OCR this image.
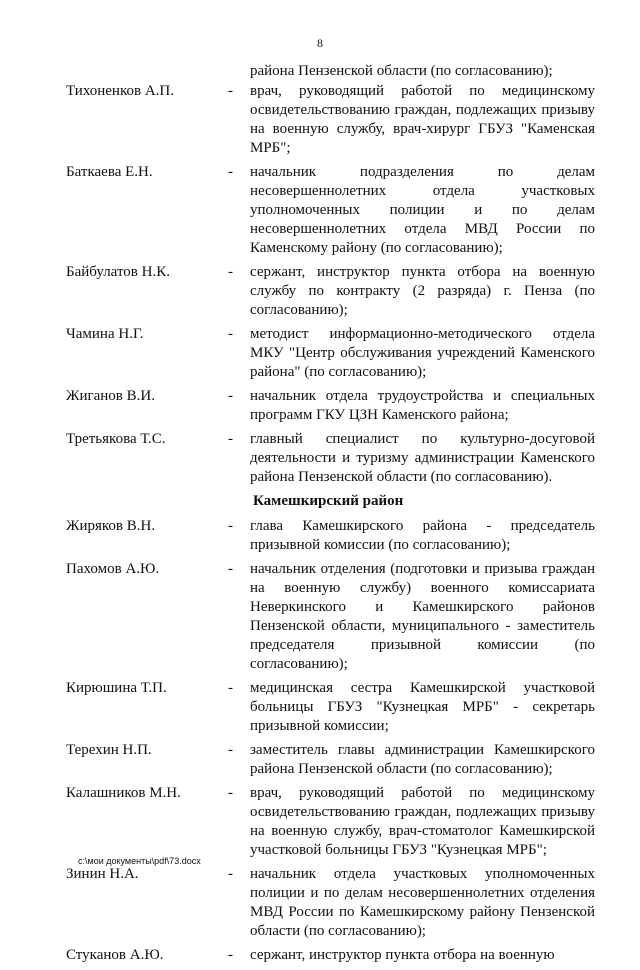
8
района Пензенской области (по согласованию);
Тихоненков А.П.	- врач, руководящий работой по медицинскому освидетельствованию граждан, подлежащих призыву на военную службу, врач-хирург ГБУЗ "Каменская МРБ";
Баткаева Е.Н.	- начальник подразделения по делам несовершеннолетних отдела участковых уполномоченных полиции и по делам несовершеннолетних отдела МВД России по Каменскому району (по согласованию);
Байбулатов Н.К.	- сержант, инструктор пункта отбора на военную службу по контракту (2 разряда) г. Пенза (по согласованию);
Чамина Н.Г.	- методист информационно-методического отдела МКУ "Центр обслуживания учреждений Каменского района" (по согласованию);
Жиганов В.И.	- начальник отдела трудоустройства и специальных программ ГКУ ЦЗН Каменского района;
Третьякова Т.С.	- главный специалист по культурно-досуговой деятельности и туризму администрации Каменского района Пензенской области (по согласованию).
Камешкирский район
Жиряков В.Н.	- глава Камешкирского района - председатель призывной комиссии (по согласованию);
Пахомов А.Ю.	- начальник отделения (подготовки и призыва граждан на военную службу) военного комиссариата Неверкинского и Камешкирского районов Пензенской области, муниципального - заместитель председателя призывной комиссии (по согласованию);
Кирюшина Т.П.	- медицинская сестра Камешкирской участковой больницы ГБУЗ "Кузнецкая МРБ" - секретарь призывной комиссии;
Терехин Н.П.	- заместитель главы администрации Камешкирского района Пензенской области (по согласованию);
Калашников М.Н.	- врач, руководящий работой по медицинскому освидетельствованию граждан, подлежащих призыву на военную службу, врач-стоматолог Камешкирской участковой больницы ГБУЗ "Кузнецкая МРБ";
Зинин Н.А.	- начальник отдела участковых уполномоченных полиции и по делам несовершеннолетних отделения МВД России по Камешкирскому району Пензенской области (по согласованию);
Стуканов А.Ю.	- сержант, инструктор пункта отбора на военную
c:\мои документы\pdf\73.docx
